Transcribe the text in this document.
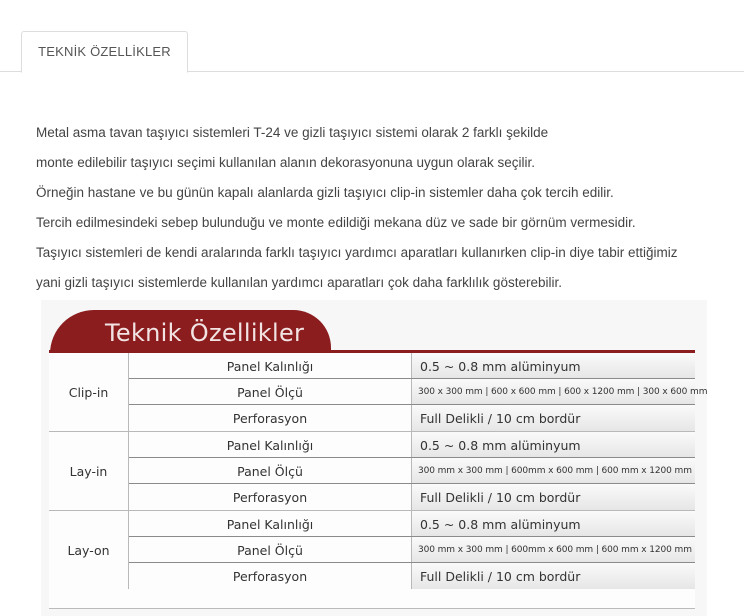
TEKNİK ÖZELLİKLER

Metal asma tavan taşıyıcı sistemleri T-24 ve gizli taşıyıcı sistemi olarak 2 farklı şekilde

monte edilebilir taşıyıcı seçimi kullanılan alanın dekorasyonuna uygun olarak seçilir.

Örneğin hastane ve bu günün kapalı alanlarda gizli taşıyıcı clip-in sistemler daha çok tercih edilir.

Tercih edilmesindeki sebep bulunduğu ve monte edildiği mekana düz ve sade bir görnüm vermesidir.

Taşıyıcı sistemleri de kendi aralarında farklı taşıyıcı yardımcı aparatları kullanırken clip-in diye tabir ettiğimiz

yani gizli taşıyıcı sistemlerde kullanılan yardımcı aparatları çok daha farklılık gösterebilir.

Teknik Özellikler
Clip-in
Panel Kalınlığı	0.5 ~ 0.8 mm alüminyum
Panel Ölçü	300 x 300 mm | 600 x 600 mm | 600 x 1200 mm | 300 x 600 mm
Perforasyon	Full Delikli / 10 cm bordür
Lay-in
Panel Kalınlığı	0.5 ~ 0.8 mm alüminyum
Panel Ölçü	300 mm x 300 mm | 600mm x 600 mm | 600 mm x 1200 mm
Perforasyon	Full Delikli / 10 cm bordür
Lay-on
Panel Kalınlığı	0.5 ~ 0.8 mm alüminyum
Panel Ölçü	300 mm x 300 mm | 600mm x 600 mm | 600 mm x 1200 mm
Perforasyon	Full Delikli / 10 cm bordür
